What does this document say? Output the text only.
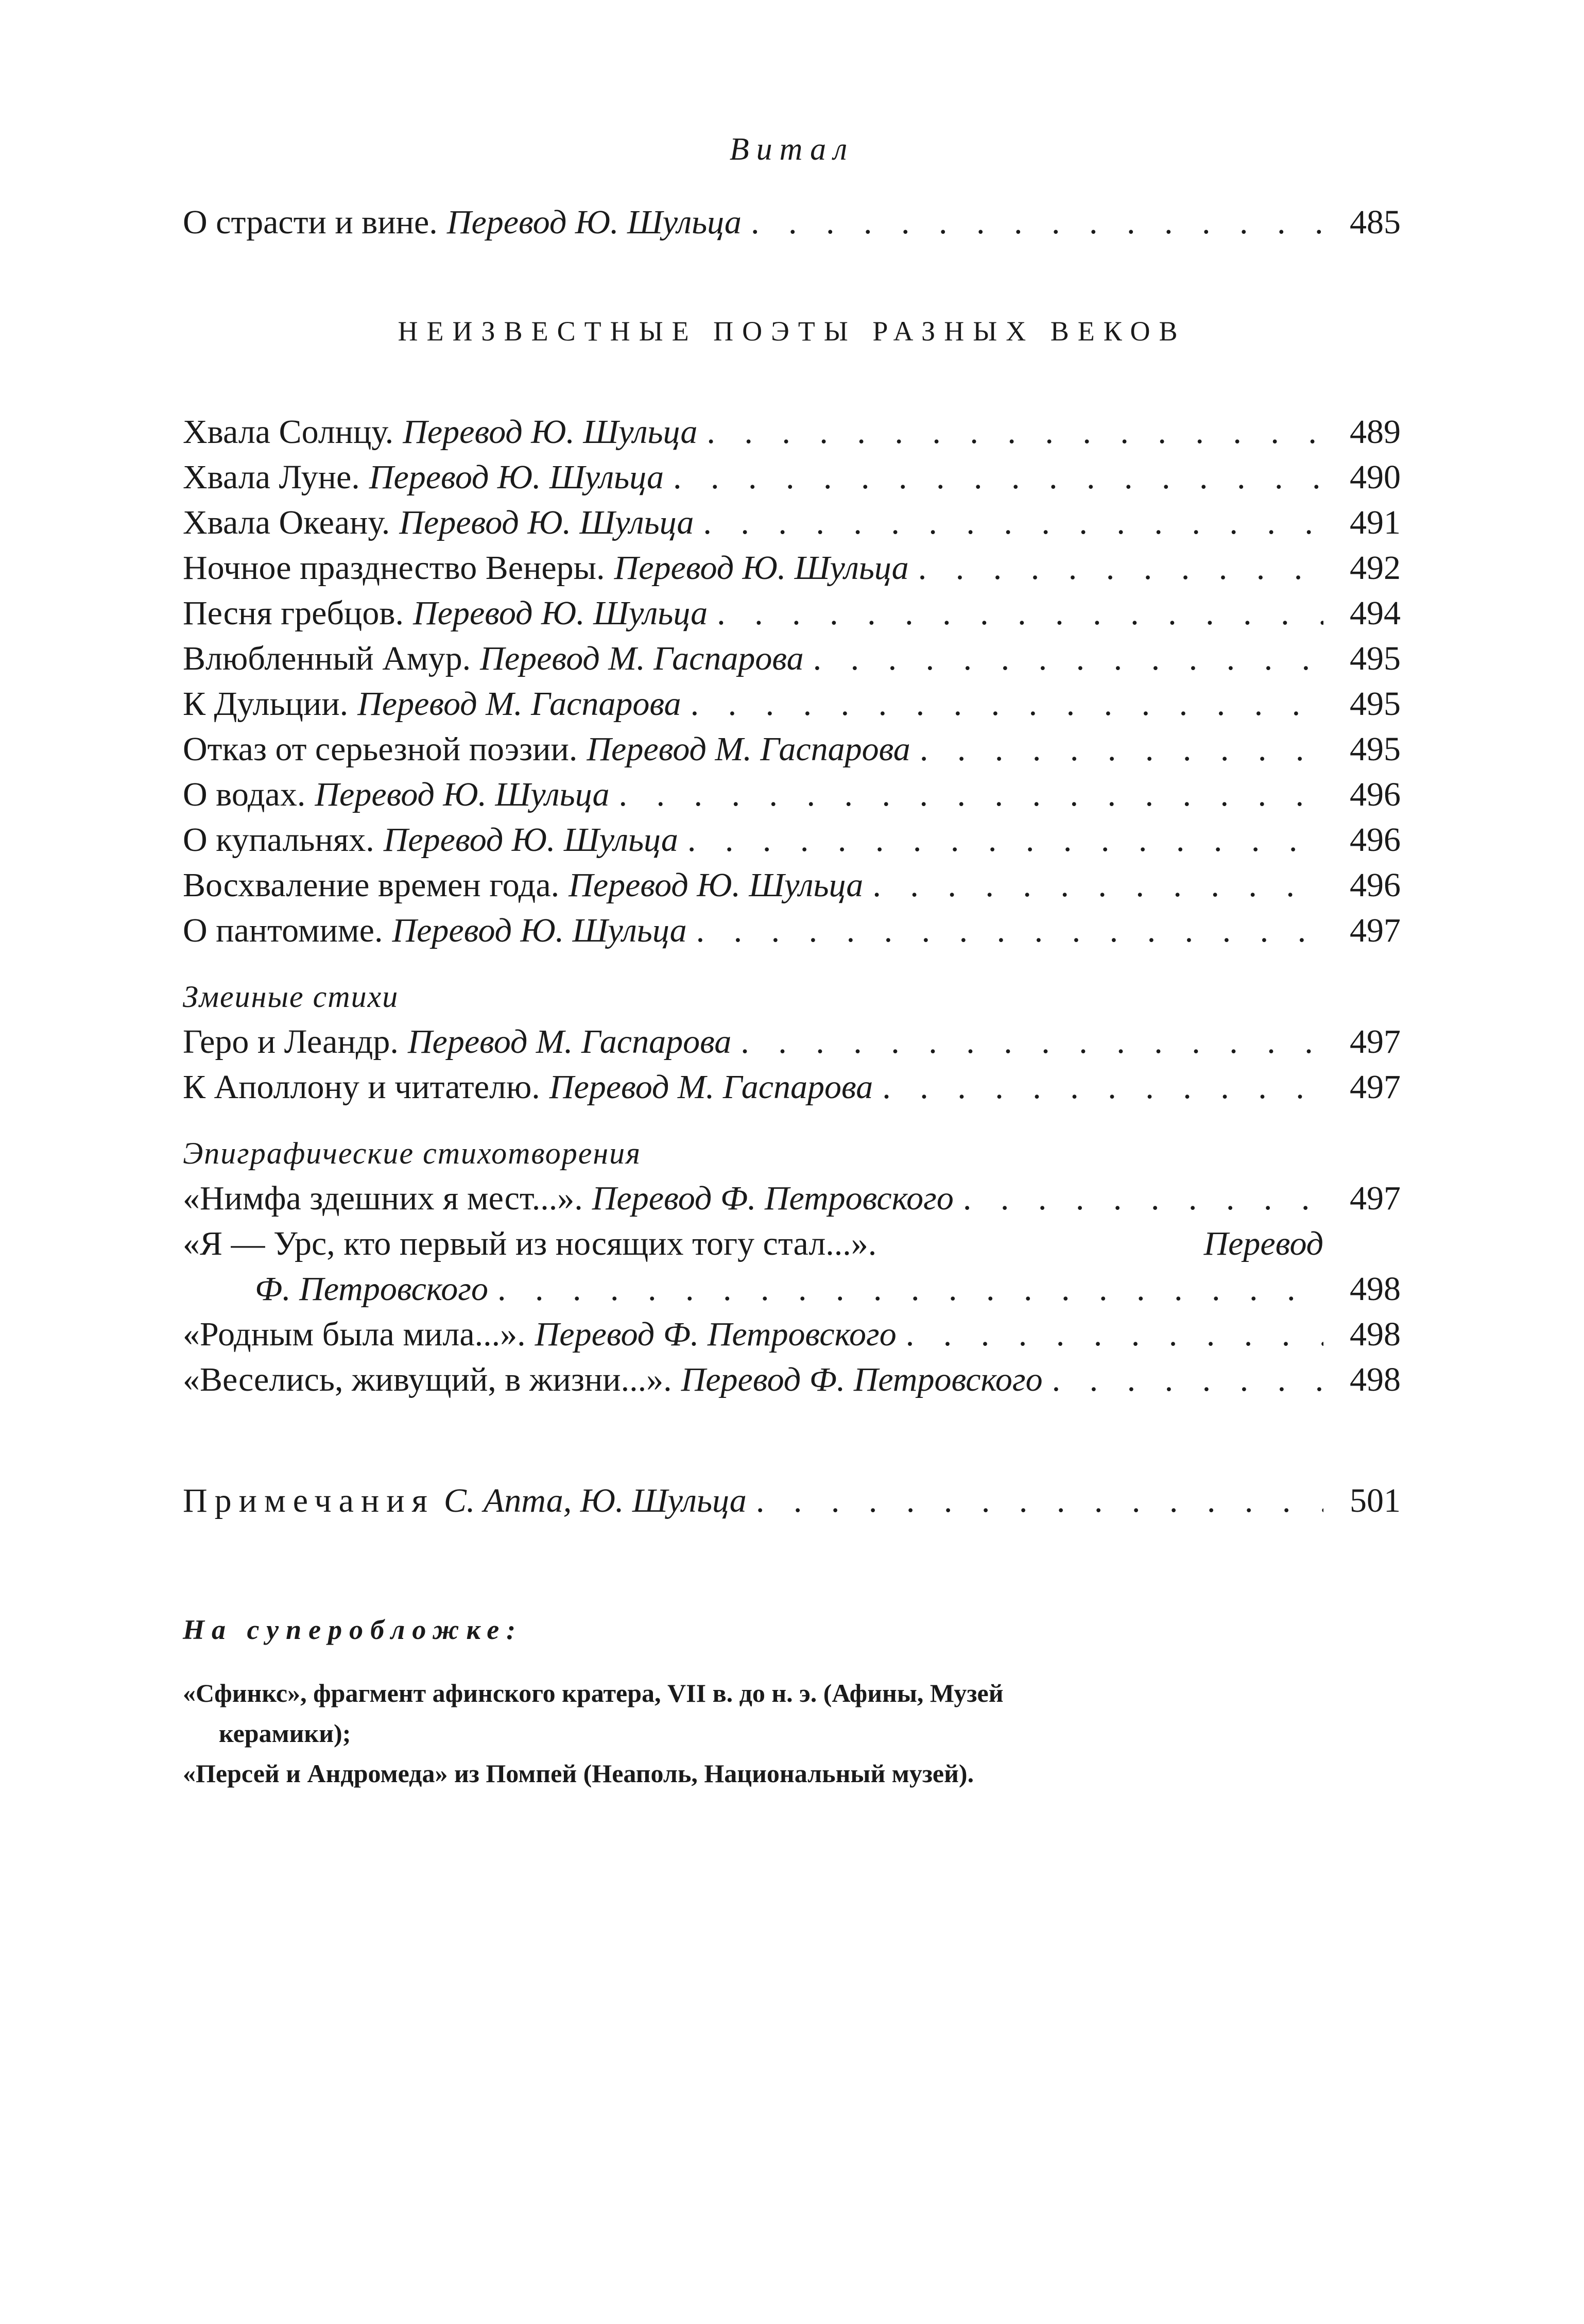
Витал
О страсти и вине. Перевод Ю. Шульца . . .	485
НЕИЗВЕСТНЫЕ ПОЭТЫ РАЗНЫХ ВЕКОВ
Хвала Солнцу. Перевод Ю. Шульца . . .	489
Хвала Луне. Перевод Ю. Шульца . . .	490
Хвала Океану. Перевод Ю. Шульца . . .	491
Ночное празднество Венеры. Перевод Ю. Шульца . . .	492
Песня гребцов. Перевод Ю. Шульца . . .	494
Влюбленный Амур. Перевод М. Гаспарова . . .	495
К Дульции. Перевод М. Гаспарова . . .	495
Отказ от серьезной поэзии. Перевод М. Гаспарова . . .	495
О водах. Перевод Ю. Шульца . . .	496
О купальнях. Перевод Ю. Шульца . . .	496
Восхваление времен года. Перевод Ю. Шульца . . .	496
О пантомиме. Перевод Ю. Шульца . . .	497
Змеиные стихи
Геро и Леандр. Перевод М. Гаспарова . . .	497
К Аполлону и читателю. Перевод М. Гаспарова . . .	497
Эпиграфические стихотворения
«Нимфа здешних я мест...». Перевод Ф. Петровского . . .	497
«Я — Урс, кто первый из носящих тогу стал...».	Перевод
Ф. Петровского . . .	498
«Родным была мила...». Перевод Ф. Петровского . . .	498
«Веселись, живущий, в жизни...». Перевод Ф. Петровского . . .	498
Примечания С. Апта, Ю. Шульца . . .	501
На суперобложке:
«Сфинкс», фрагмент афинского кратера, VII в. до н. э. (Афины, Музей
керамики);
«Персей и Андромеда» из Помпей (Неаполь, Национальный музей).
